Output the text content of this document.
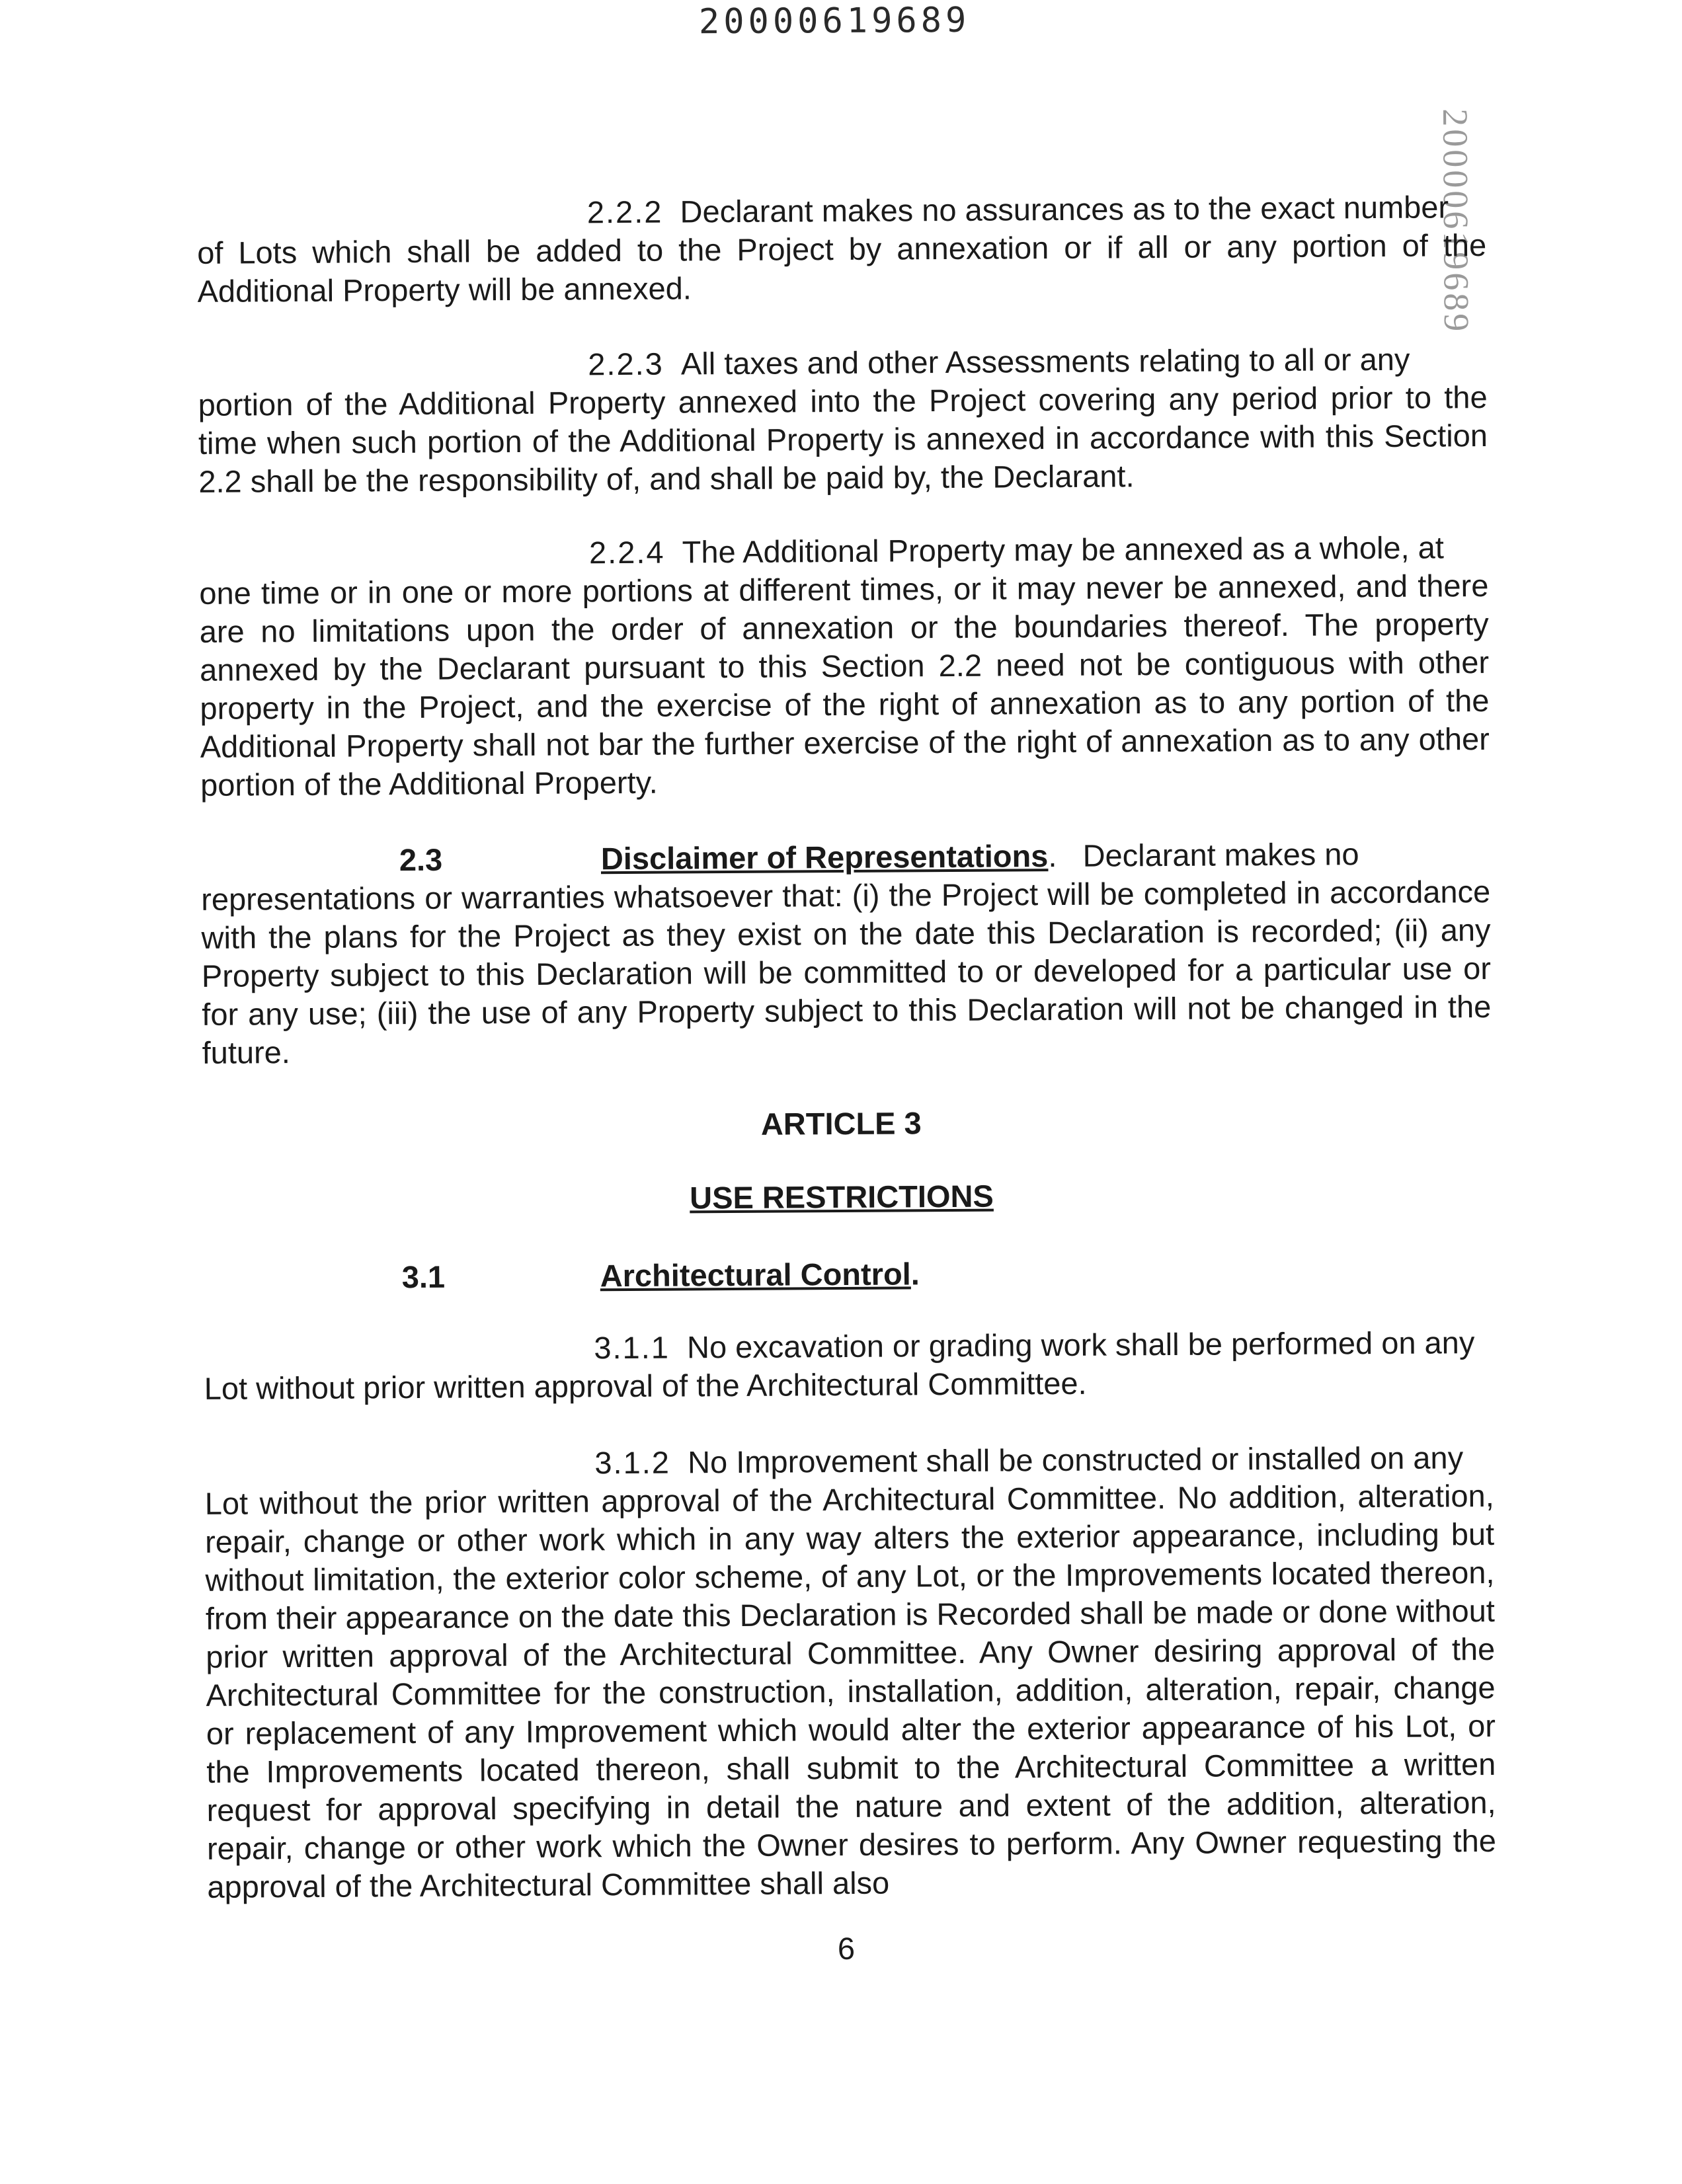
20000619689
20000619689
2.2.2 Declarant makes no assurances as to the exact number
of Lots which shall be added to the Project by annexation or if all or any portion of the Additional Property will be annexed.
2.2.3 All taxes and other Assessments relating to all or any
portion of the Additional Property annexed into the Project covering any period prior to the time when such portion of the Additional Property is annexed in accordance with this Section 2.2 shall be the responsibility of, and shall be paid by, the Declarant.
2.2.4 The Additional Property may be annexed as a whole, at
one time or in one or more portions at different times, or it may never be annexed, and there are no limitations upon the order of annexation or the boundaries thereof. The property annexed by the Declarant pursuant to this Section 2.2 need not be contiguous with other property in the Project, and the exercise of the right of annexation as to any portion of the Additional Property shall not bar the further exercise of the right of annexation as to any other portion of the Additional Property.
2.3	Disclaimer of Representations. Declarant makes no
representations or warranties whatsoever that: (i) the Project will be completed in accordance with the plans for the Project as they exist on the date this Declaration is recorded; (ii) any Property subject to this Declaration will be committed to or developed for a particular use or for any use; (iii) the use of any Property subject to this Declaration will not be changed in the future.
ARTICLE 3
USE RESTRICTIONS
3.1	Architectural Control.
3.1.1 No excavation or grading work shall be performed on any
Lot without prior written approval of the Architectural Committee.
3.1.2 No Improvement shall be constructed or installed on any
Lot without the prior written approval of the Architectural Committee. No addition, alteration, repair, change or other work which in any way alters the exterior appearance, including but without limitation, the exterior color scheme, of any Lot, or the Improvements located thereon, from their appearance on the date this Declaration is Recorded shall be made or done without prior written approval of the Architectural Committee. Any Owner desiring approval of the Architectural Committee for the construction, installation, addition, alteration, repair, change or replacement of any Improvement which would alter the exterior appearance of his Lot, or the Improvements located thereon, shall submit to the Architectural Committee a written request for approval specifying in detail the nature and extent of the addition, alteration, repair, change or other work which the Owner desires to perform. Any Owner requesting the approval of the Architectural Committee shall also
6
